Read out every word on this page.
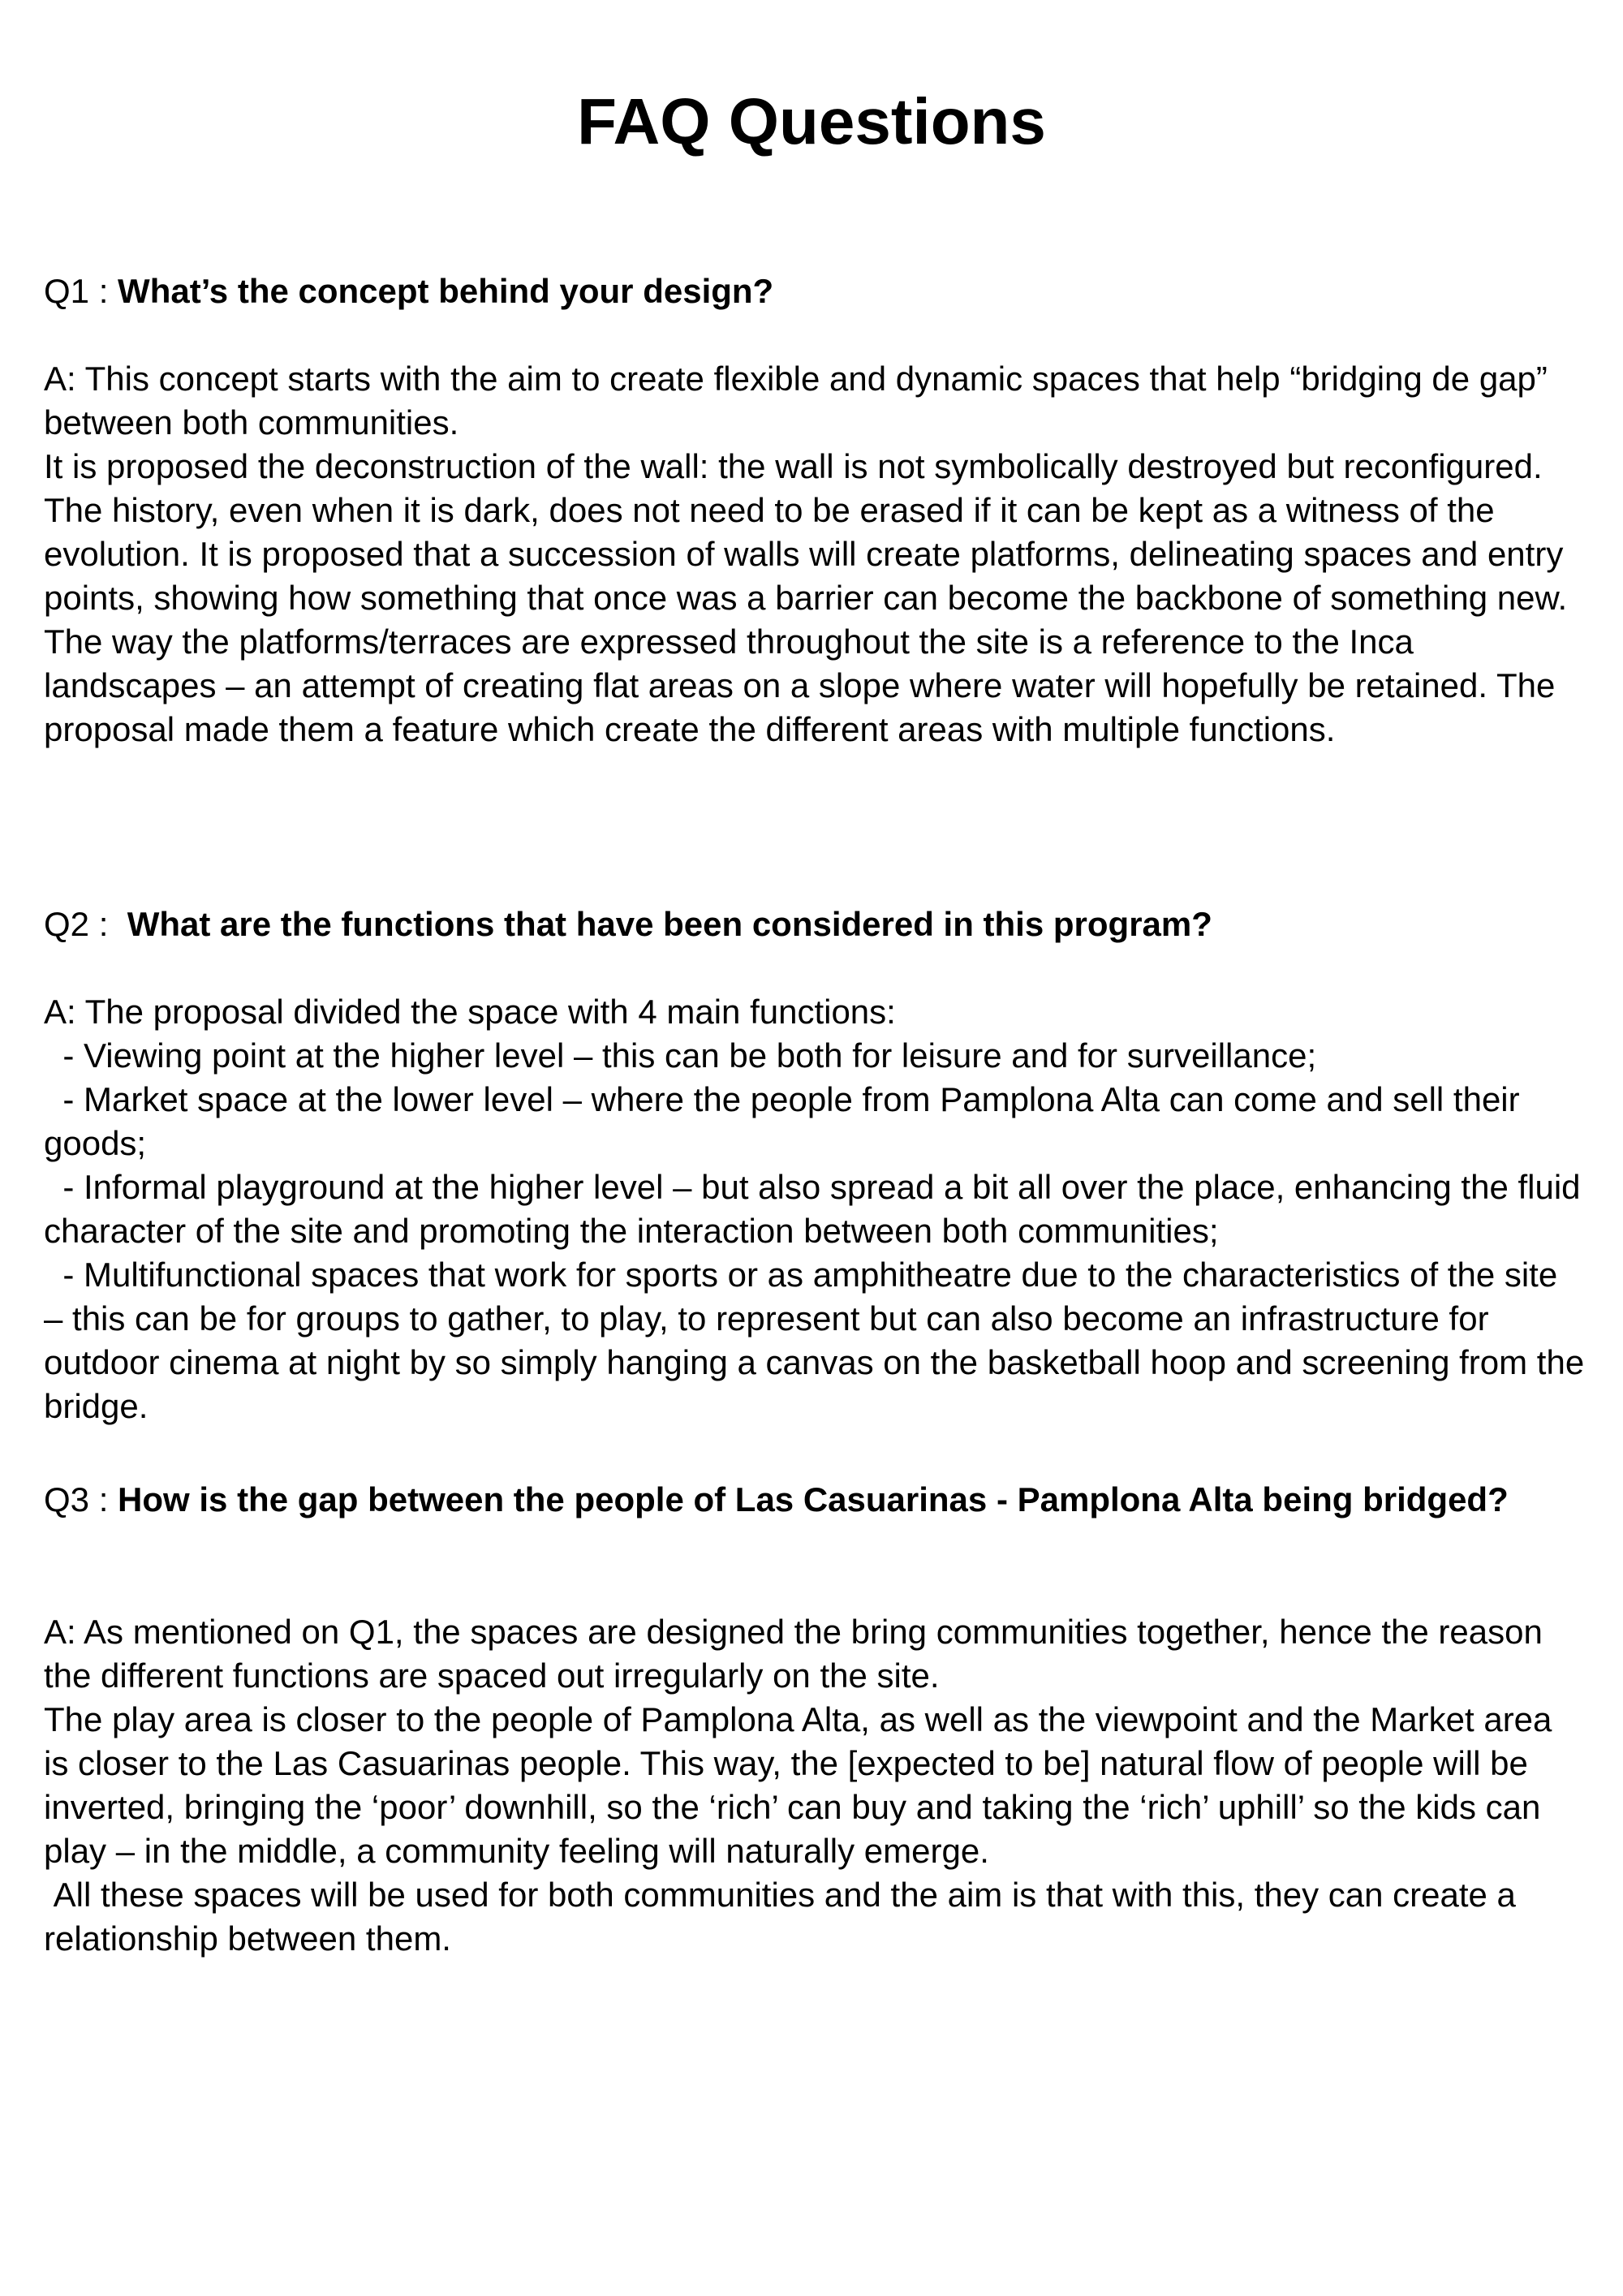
FAQ Questions

Q1 : What’s the concept behind your design?

A: This concept starts with the aim to create flexible and dynamic spaces that help “bridging de gap” between both communities.

It is proposed the deconstruction of the wall: the wall is not symbolically destroyed but reconfigured. The history, even when it is dark, does not need to be erased if it can be kept as a witness of the evolution. It is proposed that a succession of walls will create platforms, delineating spaces and entry points, showing how something that once was a barrier can become the backbone of something new.

The way the platforms/terraces are expressed throughout the site is a reference to the Inca landscapes – an attempt of creating flat areas on a slope where water will hopefully be retained. The proposal made them a feature which create the different areas with multiple functions.

Q2 :  What are the functions that have been considered in this program?

A: The proposal divided the space with 4 main functions:

- Viewing point at the higher level – this can be both for leisure and for surveillance;

- Market space at the lower level – where the people from Pamplona Alta can come and sell their goods;

- Informal playground at the higher level – but also spread a bit all over the place, enhancing the fluid character of the site and promoting the interaction between both communities;

- Multifunctional spaces that work for sports or as amphitheatre due to the characteristics of the site – this can be for groups to gather, to play, to represent but can also become an infrastructure for outdoor cinema at night by so simply hanging a canvas on the basketball hoop and screening from the bridge.

Q3 : How is the gap between the people of Las Casuarinas - Pamplona Alta being bridged?

A: As mentioned on Q1, the spaces are designed the bring communities together, hence the reason the different functions are spaced out irregularly on the site.

The play area is closer to the people of Pamplona Alta, as well as the viewpoint and the Market area is closer to the Las Casuarinas people. This way, the [expected to be] natural flow of people will be inverted, bringing the ‘poor’ downhill, so the ‘rich’ can buy and taking the ‘rich’ uphill’ so the kids can play – in the middle, a community feeling will naturally emerge.

All these spaces will be used for both communities and the aim is that with this, they can create a relationship between them.
